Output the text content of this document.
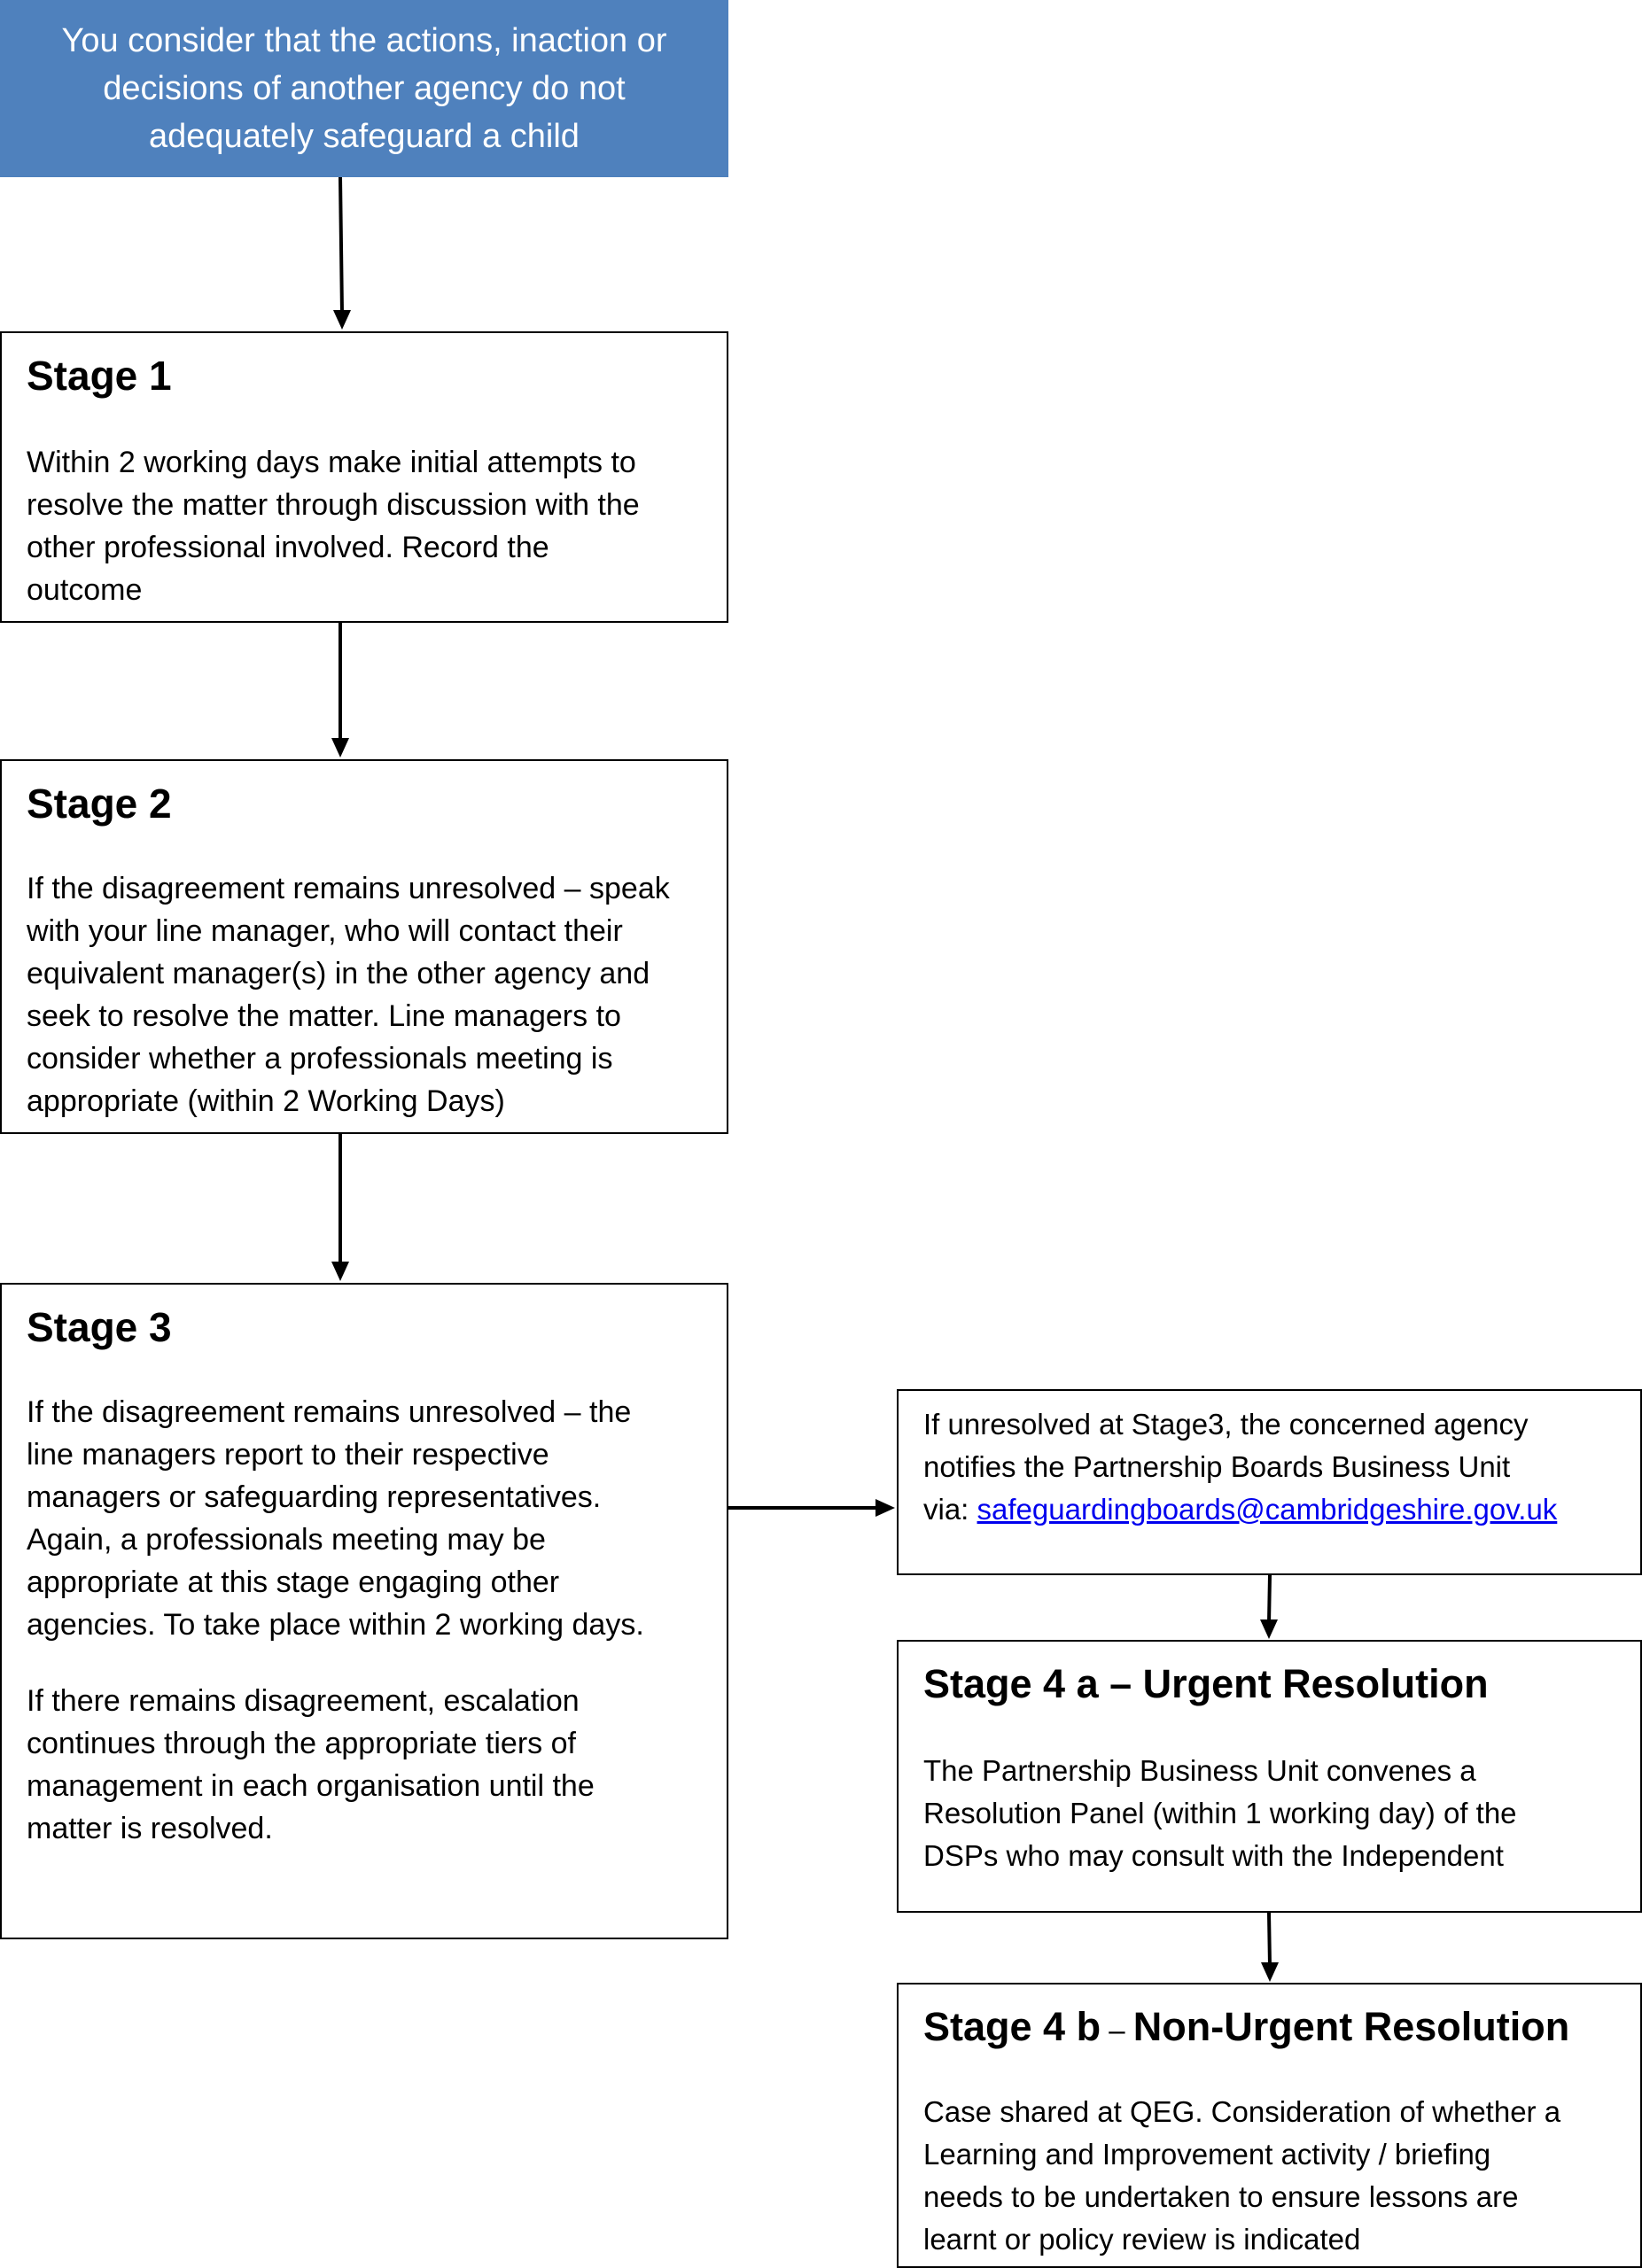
You consider that the actions, inaction or decisions of another agency do not adequately safeguard a child
Stage 1
Within 2 working days make initial attempts to
resolve the matter through discussion with the
other professional involved. Record the
outcome
Stage 2
If the disagreement remains unresolved – speak
with your line manager, who will contact their
equivalent manager(s) in the other agency and
seek to resolve the matter. Line managers to
consider whether a professionals meeting is
appropriate (within 2 Working Days)
Stage 3
If the disagreement remains unresolved – the
line managers report to their respective
managers or safeguarding representatives.
Again, a professionals meeting may be
appropriate at this stage engaging other
agencies. To take place within 2 working days.
If there remains disagreement, escalation
continues through the appropriate tiers of
management in each organisation until the
matter is resolved.
If unresolved at Stage3, the concerned agency
notifies the Partnership Boards Business Unit
via: safeguardingboards@cambridgeshire.gov.uk
Stage 4 a – Urgent Resolution
The Partnership Business Unit convenes a
Resolution Panel (within 1 working day) of the
DSPs who may consult with the Independent
Stage 4 b – Non-Urgent Resolution
Case shared at QEG. Consideration of whether a
Learning and Improvement activity / briefing
needs to be undertaken to ensure lessons are
learnt or policy review is indicated
